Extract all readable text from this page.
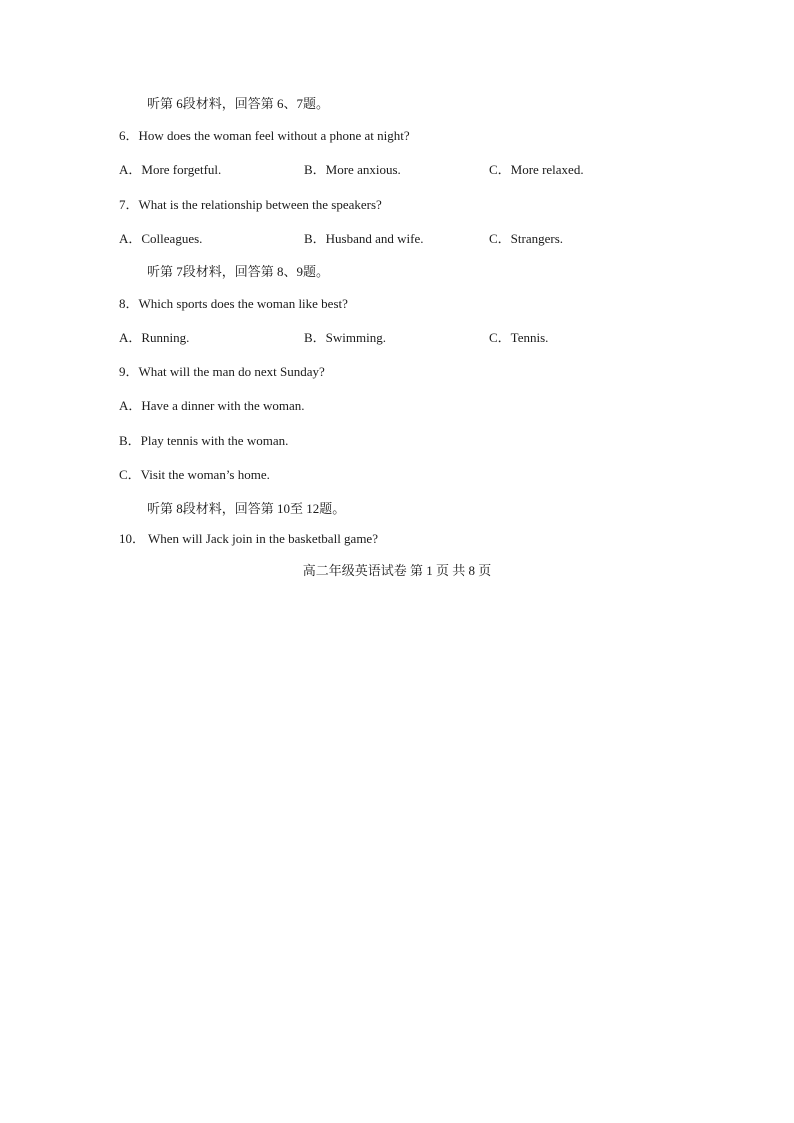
听第 6段材料，回答第 6、7题。
6．How does the woman feel without a phone at night?
A．More forgetful.	B．More anxious.	C．More relaxed.
7．What is the relationship between the speakers?
A．Colleagues.	B．Husband and wife.	C．Strangers.
听第 7段材料，回答第 8、9题。
8．Which sports does the woman like best?
A．Running.	B．Swimming.	C．Tennis.
9．What will the man do next Sunday?
A．Have a dinner with the woman.
B．Play tennis with the woman.
C．Visit the woman’s home.
听第 8段材料，回答第 10至 12题。
10． When will Jack join in the basketball game?
高二年级英语试卷 第 1 页 共 8 页
